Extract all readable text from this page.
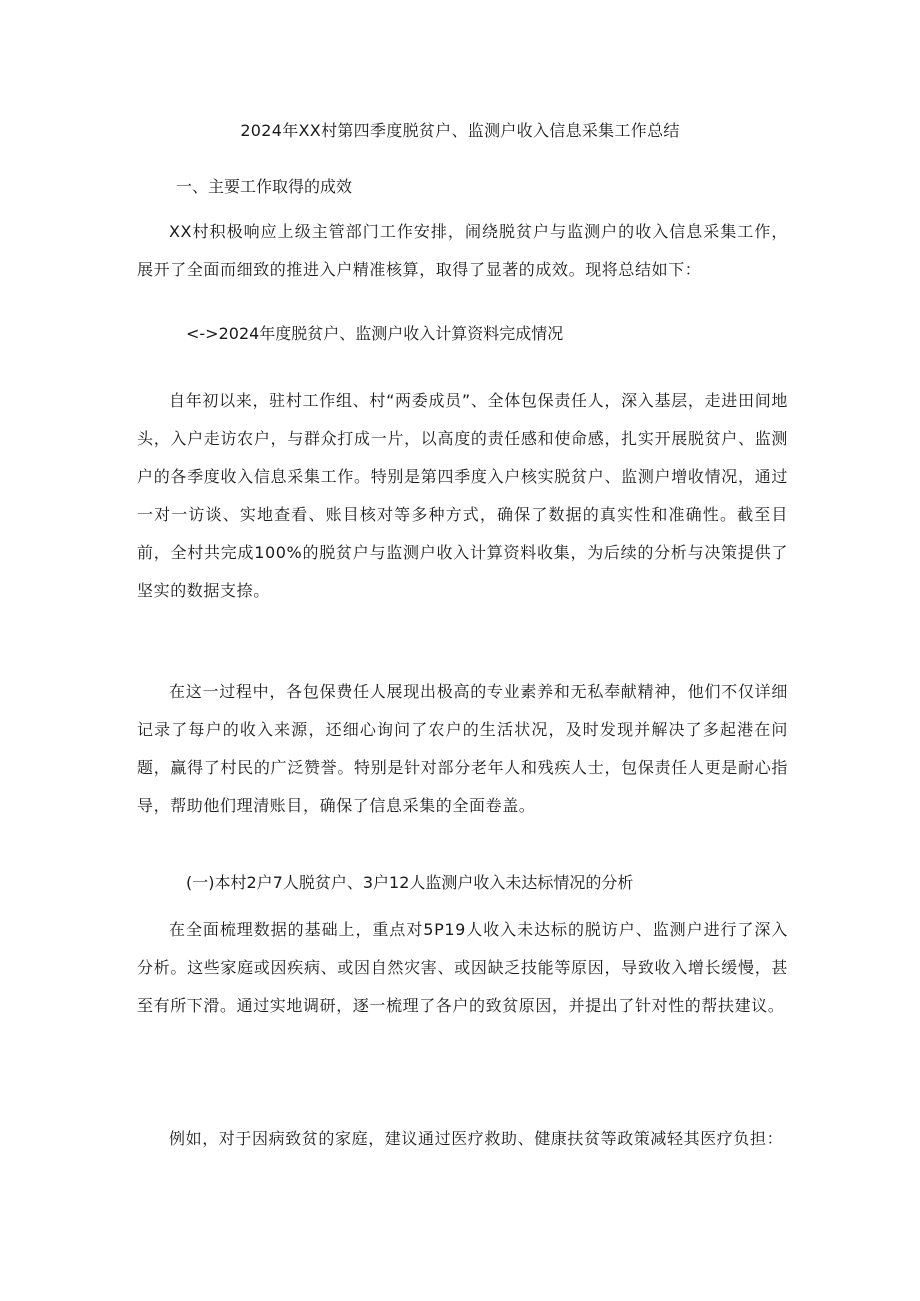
2024年XX村第四季度脱贫户、监测户收入信息采集工作总结
一、主要工作取得的成效

XX村积极响应上级主管部门工作安排，闹绕脱贫户与监测户的收入信息采集工作，展开了全面而细致的推进入户精准核算，取得了显著的成效。现将总结如下：

<->2024年度脱贫户、监测户收入计算资料完成情况

自年初以来，驻村工作组、村“两委成员”、全体包保责任人，深入基层，走进田间地头，入户走访农户，与群众打成一片，以高度的责任感和使命感，扎实开展脱贫户、监测户的各季度收入信息采集工作。特别是第四季度入户核实脱贫户、监测户增收情况，通过一对一访谈、实地查看、账目核对等多种方式，确保了数据的真实性和准确性。截至目前，全村共完成100%的脱贫户与监测户收入计算资料收集，为后续的分析与决策提供了坚实的数据支捺。

在这一过程中，各包保费任人展现出极高的专业素养和无私奉献精神，他们不仅详细记录了每户的收入来源，还细心询问了农户的生活状况，及时发现并解决了多起港在问题，赢得了村民的广泛赞誉。特别是针对部分老年人和残疾人士，包保责任人更是耐心指导，帮助他们理清账目，确保了信息采集的全面卷盖。

(一)本村2户7人脱贫户、3户12人监测户收入未达标情况的分析

在全面梳理数据的基础上，重点对5P19人收入未达标的脱访户、监测户进行了深入分析。这些家庭或因疾病、或因自然灾害、或因缺乏技能等原因，导致收入增长缓慢，甚至有所下滑。通过实地调研，逐一梳理了各户的致贫原因，并提出了针对性的帮扶建议。

例如，对于因病致贫的家庭，建议通过医疗救助、健康扶贫等政策减轻其医疗负担：
